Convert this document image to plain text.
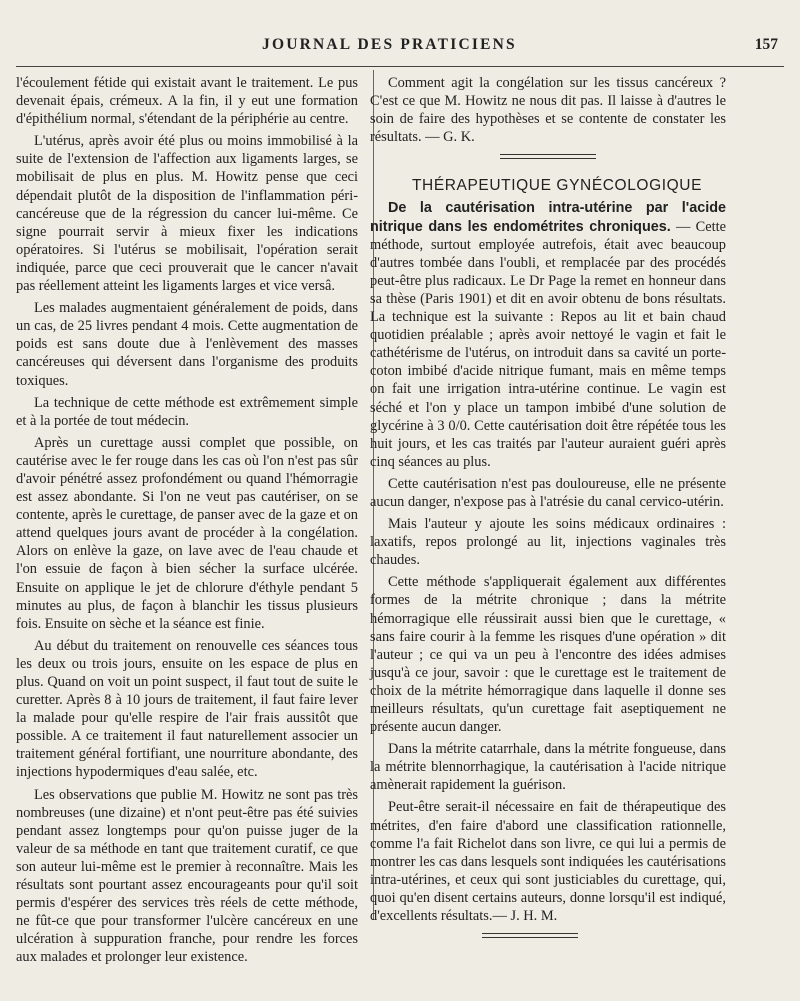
JOURNAL DES PRATICIENS	157

l'écoulement fétide qui existait avant le traitement. Le pus devenait épais, crémeux. A la fin, il y eut une formation d'épithélium normal, s'étendant de la périphérie au centre.

L'utérus, après avoir été plus ou moins immobilisé à la suite de l'extension de l'affection aux ligaments larges, se mobilisait de plus en plus. M. Howitz pense que ceci dépendait plutôt de la disposition de l'inflammation péri-cancéreuse que de la régression du cancer lui-même. Ce signe pourrait servir à mieux fixer les indications opératoires. Si l'utérus se mobilisait, l'opération serait indiquée, parce que ceci prouverait que le cancer n'avait pas réellement atteint les ligaments larges et vice versâ.

Les malades augmentaient généralement de poids, dans un cas, de 25 livres pendant 4 mois. Cette augmentation de poids est sans doute due à l'enlèvement des masses cancéreuses qui déversent dans l'organisme des produits toxiques.

La technique de cette méthode est extrêmement simple et à la portée de tout médecin.

Après un curettage aussi complet que possible, on cautérise avec le fer rouge dans les cas où l'on n'est pas sûr d'avoir pénétré assez profondément ou quand l'hémorragie est assez abondante. Si l'on ne veut pas cautériser, on se contente, après le curettage, de panser avec de la gaze et on attend quelques jours avant de procéder à la congélation. Alors on enlève la gaze, on lave avec de l'eau chaude et l'on essuie de façon à bien sécher la surface ulcérée. Ensuite on applique le jet de chlorure d'éthyle pendant 5 minutes au plus, de façon à blanchir les tissus plusieurs fois. Ensuite on sèche et la séance est finie.

Au début du traitement on renouvelle ces séances tous les deux ou trois jours, ensuite on les espace de plus en plus. Quand on voit un point suspect, il faut tout de suite le curetter. Après 8 à 10 jours de traitement, il faut faire lever la malade pour qu'elle respire de l'air frais aussitôt que possible. A ce traitement il faut naturellement associer un traitement général fortifiant, une nourriture abondante, des injections hypodermiques d'eau salée, etc.

Les observations que publie M. Howitz ne sont pas très nombreuses (une dizaine) et n'ont peut-être pas été suivies pendant assez longtemps pour qu'on puisse juger de la valeur de sa méthode en tant que traitement curatif, ce que son auteur lui-même est le premier à reconnaître. Mais les résultats sont pourtant assez encourageants pour qu'il soit permis d'espérer des services très réels de cette méthode, ne fût-ce que pour transformer l'ulcère cancéreux en une ulcération à suppuration franche, pour rendre les forces aux malades et prolonger leur existence.

Comment agit la congélation sur les tissus cancéreux ? C'est ce que M. Howitz ne nous dit pas. Il laisse à d'autres le soin de faire des hypothèses et se contente de constater les résultats. — G. K.

THÉRAPEUTIQUE GYNÉCOLOGIQUE

De la cautérisation intra-utérine par l'acide nitrique dans les endométrites chroniques. — Cette méthode, surtout employée autrefois, était avec beaucoup d'autres tombée dans l'oubli, et remplacée par des procédés peut-être plus radicaux. Le Dr Page la remet en honneur dans sa thèse (Paris 1901) et dit en avoir obtenu de bons résultats. La technique est la suivante : Repos au lit et bain chaud quotidien préalable ; après avoir nettoyé le vagin et fait le cathétérisme de l'utérus, on introduit dans sa cavité un porte-coton imbibé d'acide nitrique fumant, mais en même temps on fait une irrigation intra-utérine continue. Le vagin est séché et l'on y place un tampon imbibé d'une solution de glycérine à 3 0/0. Cette cautérisation doit être répétée tous les huit jours, et les cas traités par l'auteur auraient guéri après cinq séances au plus.

Cette cautérisation n'est pas douloureuse, elle ne présente aucun danger, n'expose pas à l'atrésie du canal cervico-utérin.

Mais l'auteur y ajoute les soins médicaux ordinaires : laxatifs, repos prolongé au lit, injections vaginales très chaudes.

Cette méthode s'appliquerait également aux différentes formes de la métrite chronique ; dans la métrite hémorragique elle réussirait aussi bien que le curettage, « sans faire courir à la femme les risques d'une opération » dit l'auteur ; ce qui va un peu à l'encontre des idées admises jusqu'à ce jour, savoir : que le curettage est le traitement de choix de la métrite hémorragique dans laquelle il donne ses meilleurs résultats, qu'un curettage fait aseptiquement ne présente aucun danger.

Dans la métrite catarrhale, dans la métrite fongueuse, dans la métrite blennorrhagique, la cautérisation à l'acide nitrique amènerait rapidement la guérison.

Peut-être serait-il nécessaire en fait de thérapeutique des métrites, d'en faire d'abord une classification rationnelle, comme l'a fait Richelot dans son livre, ce qui lui a permis de montrer les cas dans lesquels sont indiquées les cautérisations intra-utérines, et ceux qui sont justiciables du curettage, qui, quoi qu'en disent certains auteurs, donne lorsqu'il est indiqué, d'excellents résultats.— J. H. M.
